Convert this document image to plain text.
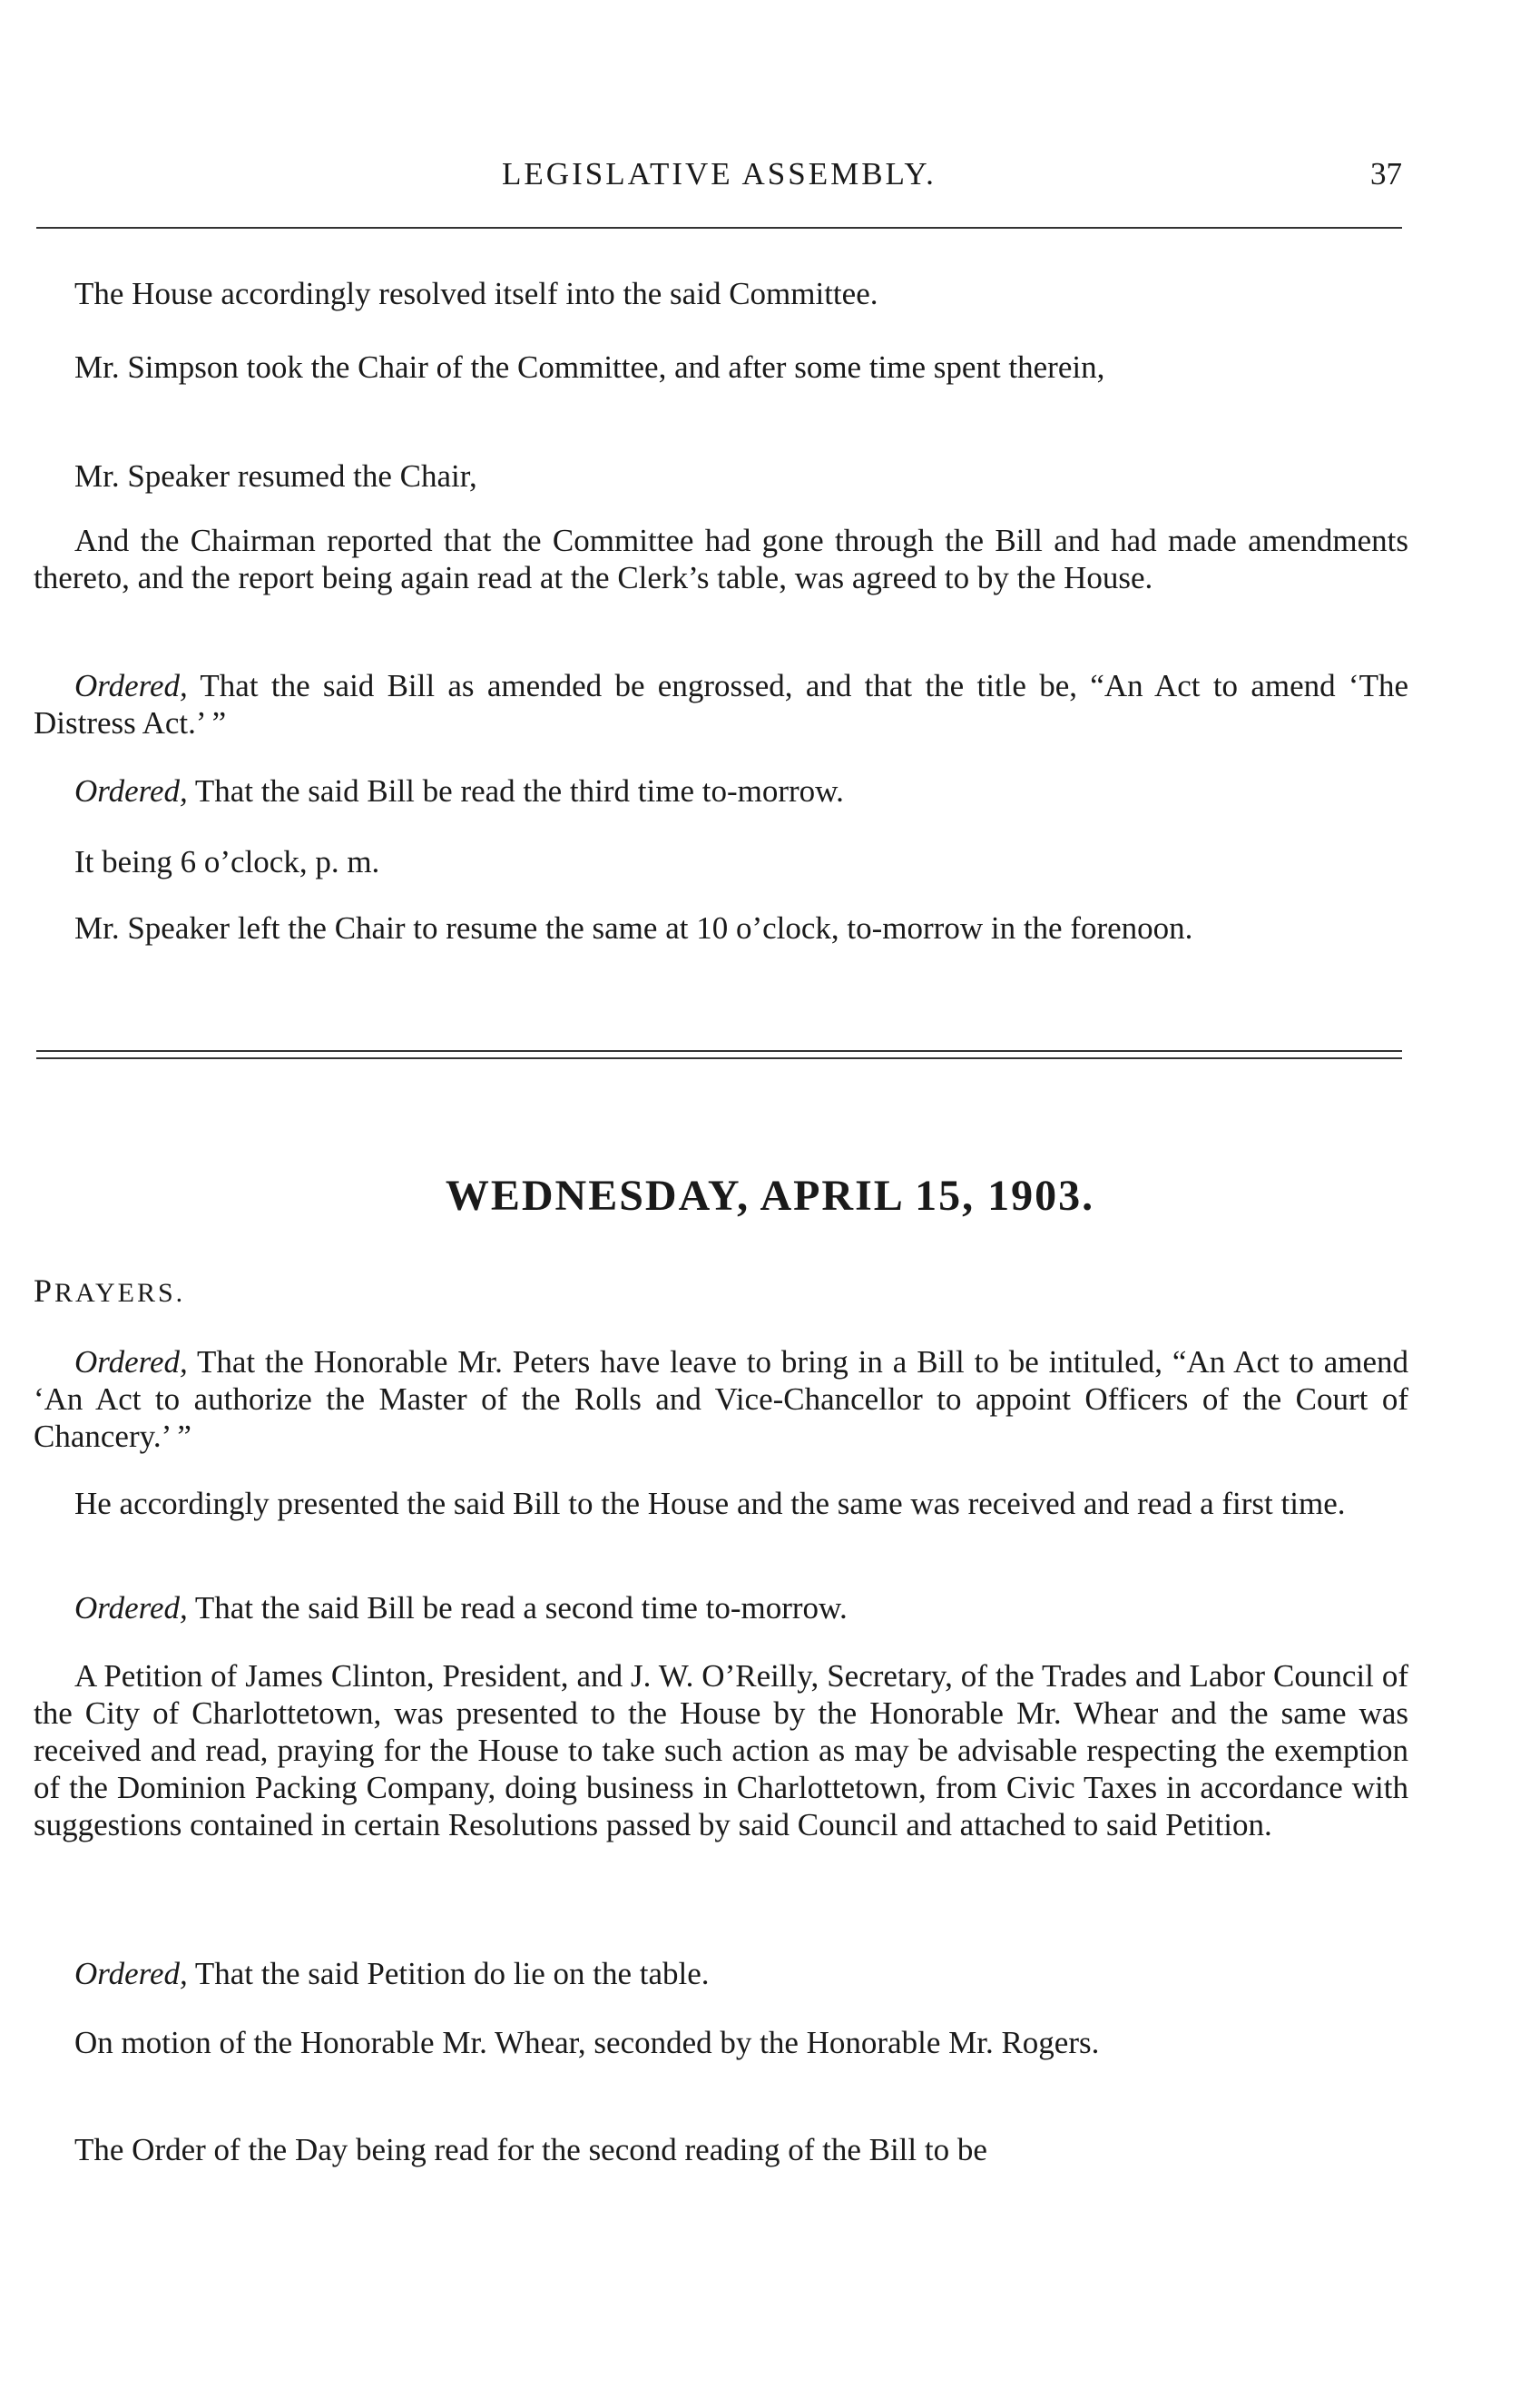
LEGISLATIVE ASSEMBLY.	37

The House accordingly resolved itself into the said Committee.

Mr. Simpson took the Chair of the Committee, and after some time spent therein,

Mr. Speaker resumed the Chair,

And the Chairman reported that the Committee had gone through the Bill and had made amendments thereto, and the report being again read at the Clerk’s table, was agreed to by the House.

Ordered, That the said Bill as amended be engrossed, and that the title be, “An Act to amend ‘The Distress Act.’ ”

Ordered, That the said Bill be read the third time to-morrow.

It being 6 o’clock, p. m.

Mr. Speaker left the Chair to resume the same at 10 o’clock, to-morrow in the forenoon.

WEDNESDAY, APRIL 15, 1903.

PRAYERS.

Ordered, That the Honorable Mr. Peters have leave to bring in a Bill to be intituled, “An Act to amend ‘An Act to authorize the Master of the Rolls and Vice-Chancellor to appoint Officers of the Court of Chancery.’ ”

He accordingly presented the said Bill to the House and the same was received and read a first time.

Ordered, That the said Bill be read a second time to-morrow.

A Petition of James Clinton, President, and J. W. O’Reilly, Secretary, of the Trades and Labor Council of the City of Charlottetown, was presented to the House by the Honorable Mr. Whear and the same was received and read, praying for the House to take such action as may be advisable respecting the exemption of the Dominion Packing Company, doing business in Charlottetown, from Civic Taxes in accordance with suggestions contained in certain Resolutions passed by said Council and attached to said Petition.

Ordered, That the said Petition do lie on the table.

On motion of the Honorable Mr. Whear, seconded by the Honorable Mr. Rogers.

The Order of the Day being read for the second reading of the Bill to be
